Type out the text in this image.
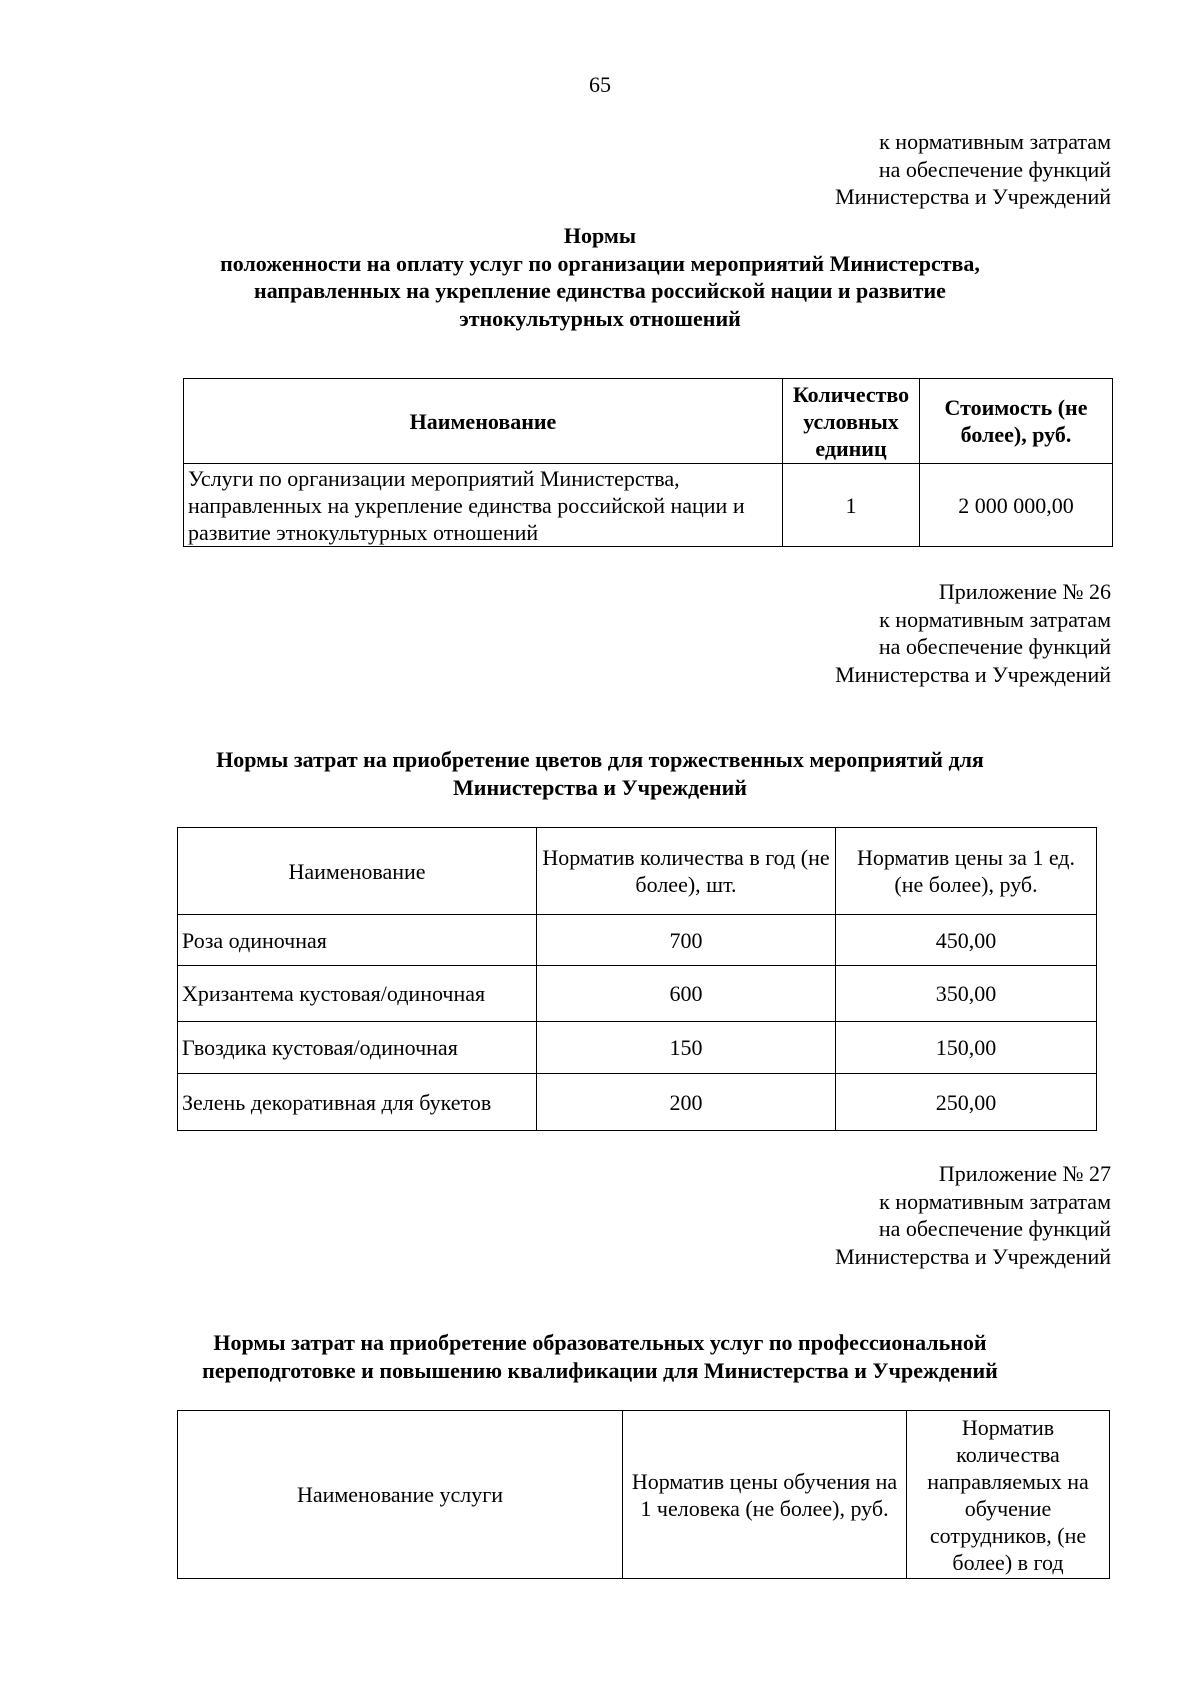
65
к нормативным затратам
на обеспечение функций
Министерства и Учреждений
Нормы
положенности на оплату услуг по организации мероприятий Министерства,
направленных на укрепление единства российской нации и развитие
этнокультурных отношений
Наименование	Количество условных единиц	Стоимость (не более), руб.
Услуги по организации мероприятий Министерства, направленных на укрепление единства российской нации и развитие этнокультурных отношений	1	2 000 000,00
Приложение № 26
к нормативным затратам
на обеспечение функций
Министерства и Учреждений
Нормы затрат на приобретение цветов для торжественных мероприятий для
Министерства и Учреждений
Наименование	Норматив количества в год (не более), шт.	Норматив цены за 1 ед. (не более), руб.
Роза одиночная	700	450,00
Хризантема кустовая/одиночная	600	350,00
Гвоздика кустовая/одиночная	150	150,00
Зелень декоративная для букетов	200	250,00
Приложение № 27
к нормативным затратам
на обеспечение функций
Министерства и Учреждений
Нормы затрат на приобретение образовательных услуг по профессиональной
переподготовке и повышению квалификации для Министерства и Учреждений
Наименование услуги	Норматив цены обучения на 1 человека (не более), руб.	Норматив количества направляемых на обучение сотрудников, (не более) в год
